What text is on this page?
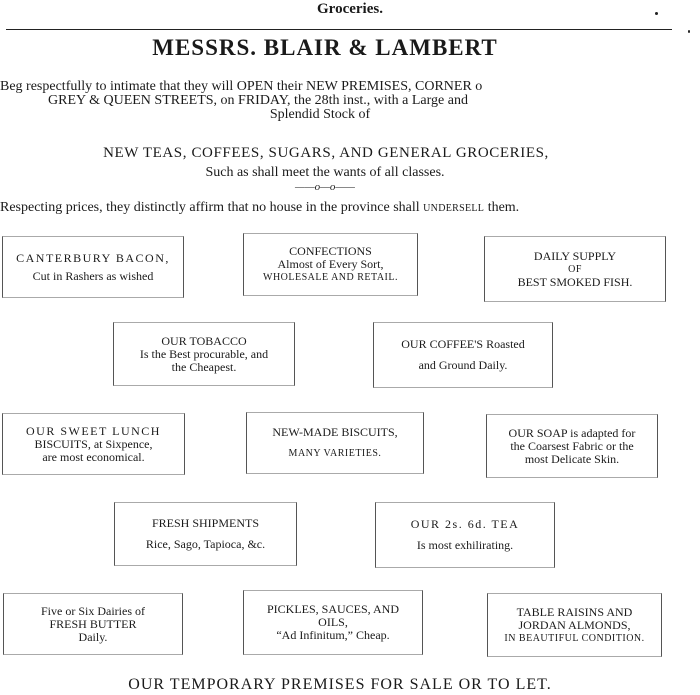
Groceries.
MESSRS. BLAIR & LAMBERT
Beg respectfully to intimate that they will OPEN their NEW PREMISES, CORNER o
GREY & QUEEN STREETS, on FRIDAY, the 28th inst., with a Large and
Splendid Stock of
NEW TEAS, COFFEES, SUGARS, AND GENERAL GROCERIES,
Such as shall meet the wants of all classes.
——o—o——
Respecting prices, they distinctly affirm that no house in the province shall UNDERSELL them.
CANTERBURY BACON,
Cut in Rashers as wished
CONFECTIONS
Almost of Every Sort,
WHOLESALE AND RETAIL.
DAILY SUPPLY
OF
BEST SMOKED FISH.
OUR TOBACCO
Is the Best procurable, and
the Cheapest.
OUR COFFEE'S Roasted
and Ground Daily.
OUR SWEET LUNCH
BISCUITS, at Sixpence,
are most economical.
NEW-MADE BISCUITS,
MANY VARIETIES.
OUR SOAP is adapted for
the Coarsest Fabric or the
most Delicate Skin.
FRESH SHIPMENTS
Rice, Sago, Tapioca, &c.
OUR 2s. 6d. TEA
Is most exhilirating.
Five or Six Dairies of
FRESH BUTTER
Daily.
PICKLES, SAUCES, AND
OILS,
“Ad Infinitum,” Cheap.
TABLE RAISINS AND
JORDAN ALMONDS,
IN BEAUTIFUL CONDITION.
OUR TEMPORARY PREMISES FOR SALE OR TO LET.
